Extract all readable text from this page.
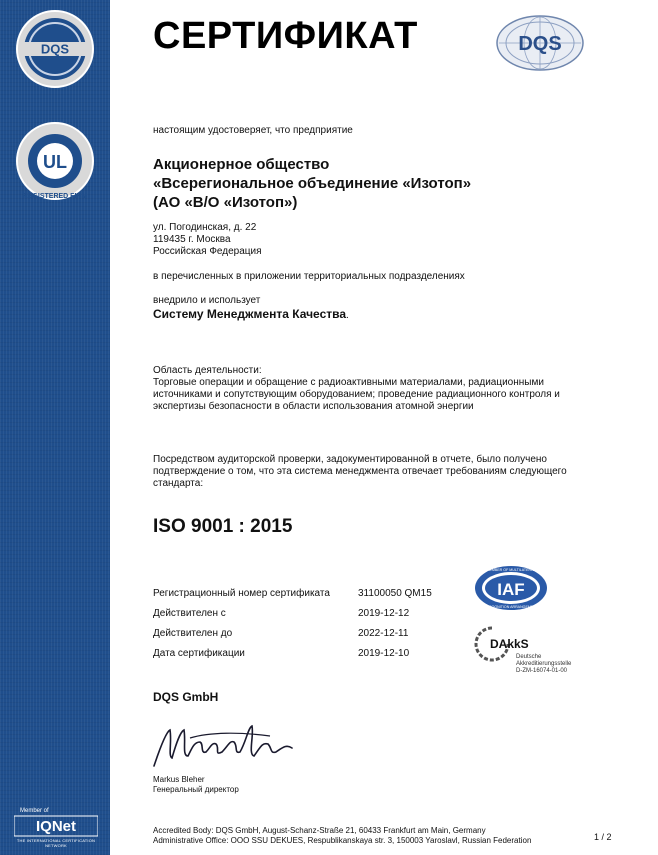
DQS
UL
REGISTERED FIRM
Member of
IQNet
THE INTERNATIONAL CERTIFICATION NETWORK
СЕРТИФИКАТ	DQS

настоящим удостоверяет, что предприятие

Акционерное общество
«Всерегиональное объединение «Изотоп»
(АО «В/О «Изотоп»)
ул. Погодинская, д. 22
119435 г. Москва
Российская Федерация

в перечисленных в приложении территориальных подразделениях

внедрило и использует

Систему Менеджмента Качества.

Область деятельности:
Торговые операции и обращение с радиоактивными материалами, радиационными
источниками и сопутствующим оборудованием; проведение радиационного контроля и
экспертизы безопасности в области использования атомной энергии
Посредством аудиторской проверки, задокументированной в отчете, было получено
подтверждение о том, что эта система менеджмента отвечает требованиям следующего
стандарта:

ISO 9001 : 2015

Регистрационный номер сертификата	31100050 QM15
Действителен с	2019-12-12
Действителен до	2022-12-11
Дата сертификации	2019-12-10
IAF
MEMBER OF MULTILATERAL
RECOGNITION ARRANGEMENT
DAkkS
Deutsche
Akkreditierungsstelle
D-ZM-16074-01-00
DQS GmbH
Markus Bleher
Генеральный директор
Accredited Body: DQS GmbH, August-Schanz-Straße 21, 60433 Frankfurt am Main, Germany
Administrative Office: OOO SSU DEKUES, Respublikanskaya str. 3, 150003 Yaroslavl, Russian Federation	1 / 2
